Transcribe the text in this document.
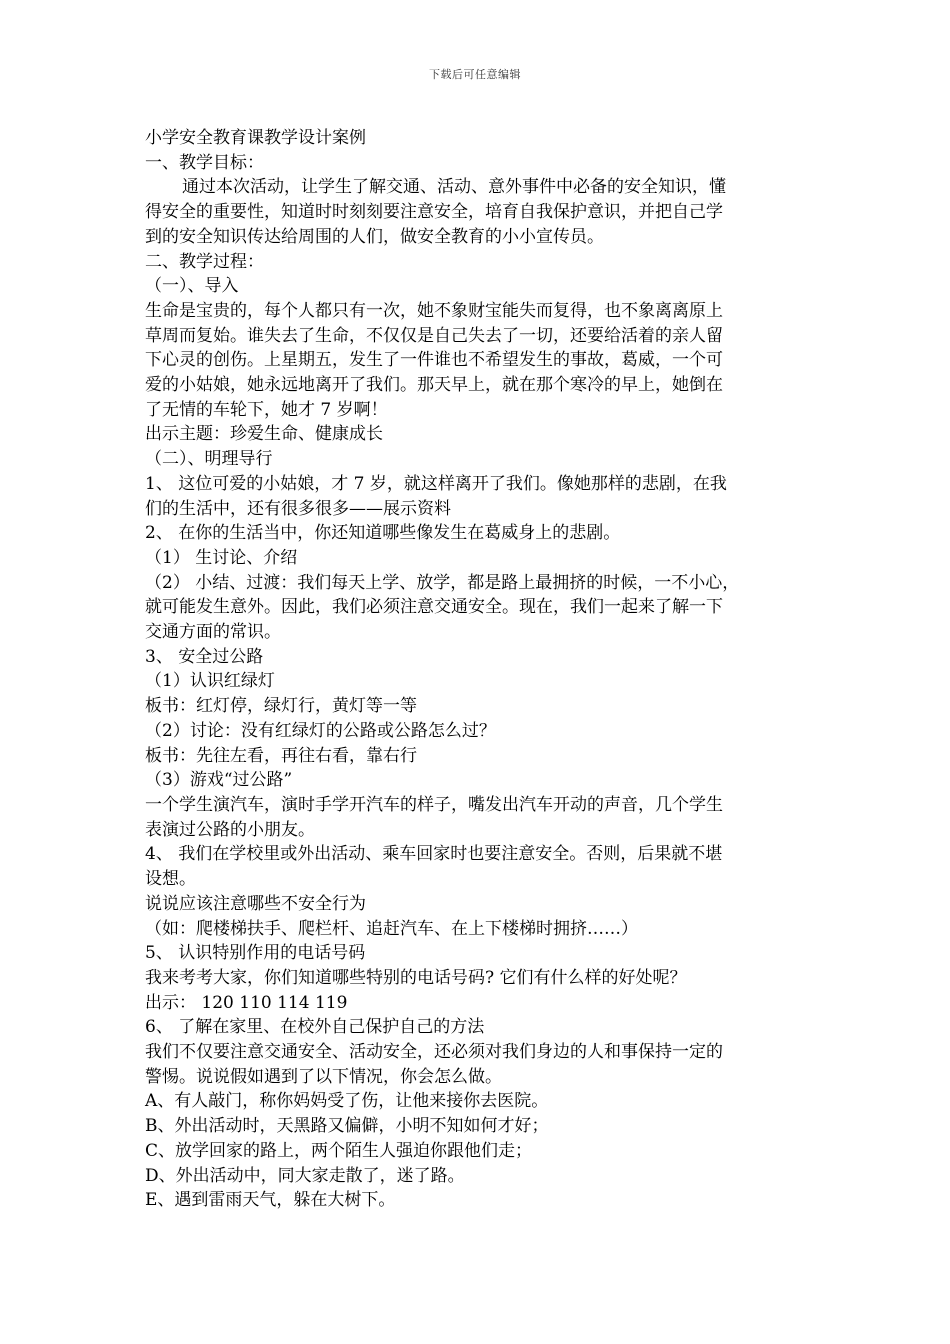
下载后可任意编辑
小学安全教育课教学设计案例
一、教学目标：
通过本次活动，让学生了解交通、活动、意外事件中必备的安全知识，懂
得安全的重要性，知道时时刻刻要注意安全，培育自我保护意识，并把自己学
到的安全知识传达给周围的人们，做安全教育的小小宣传员。
二、教学过程：
（一）、导入
生命是宝贵的，每个人都只有一次，她不象财宝能失而复得，也不象离离原上
草周而复始。谁失去了生命，不仅仅是自己失去了一切，还要给活着的亲人留
下心灵的创伤。上星期五，发生了一件谁也不希望发生的事故，葛威，一个可
爱的小姑娘，她永远地离开了我们。那天早上，就在那个寒冷的早上，她倒在
了无情的车轮下，她才 7 岁啊！
出示主题：珍爱生命、健康成长
（二）、明理导行
1、 这位可爱的小姑娘，才 7 岁，就这样离开了我们。像她那样的悲剧，在我
们的生活中，还有很多很多——展示资料
2、 在你的生活当中，你还知道哪些像发生在葛威身上的悲剧。
（1） 生讨论、介绍
（2） 小结、过渡：我们每天上学、放学，都是路上最拥挤的时候，一不小心，
就可能发生意外。因此，我们必须注意交通安全。现在，我们一起来了解一下
交通方面的常识。
3、 安全过公路
（1）认识红绿灯
板书：红灯停，绿灯行，黄灯等一等
（2）讨论：没有红绿灯的公路或公路怎么过？
板书：先往左看，再往右看，靠右行
（3）游戏“过公路”
一个学生演汽车，演时手学开汽车的样子，嘴发出汽车开动的声音，几个学生
表演过公路的小朋友。
4、 我们在学校里或外出活动、乘车回家时也要注意安全。否则，后果就不堪
设想。
说说应该注意哪些不安全行为
（如：爬楼梯扶手、爬栏杆、追赶汽车、在上下楼梯时拥挤……）
5、 认识特别作用的电话号码
我来考考大家，你们知道哪些特别的电话号码? 它们有什么样的好处呢？
出示： 120 110 114 119
6、 了解在家里、在校外自己保护自己的方法
我们不仅要注意交通安全、活动安全，还必须对我们身边的人和事保持一定的
警惕。说说假如遇到了以下情况，你会怎么做。
A、有人敲门，称你妈妈受了伤，让他来接你去医院。
B、外出活动时，天黑路又偏僻，小明不知如何才好；
C、放学回家的路上，两个陌生人强迫你跟他们走；
D、外出活动中，同大家走散了，迷了路。
E、遇到雷雨天气，躲在大树下。
